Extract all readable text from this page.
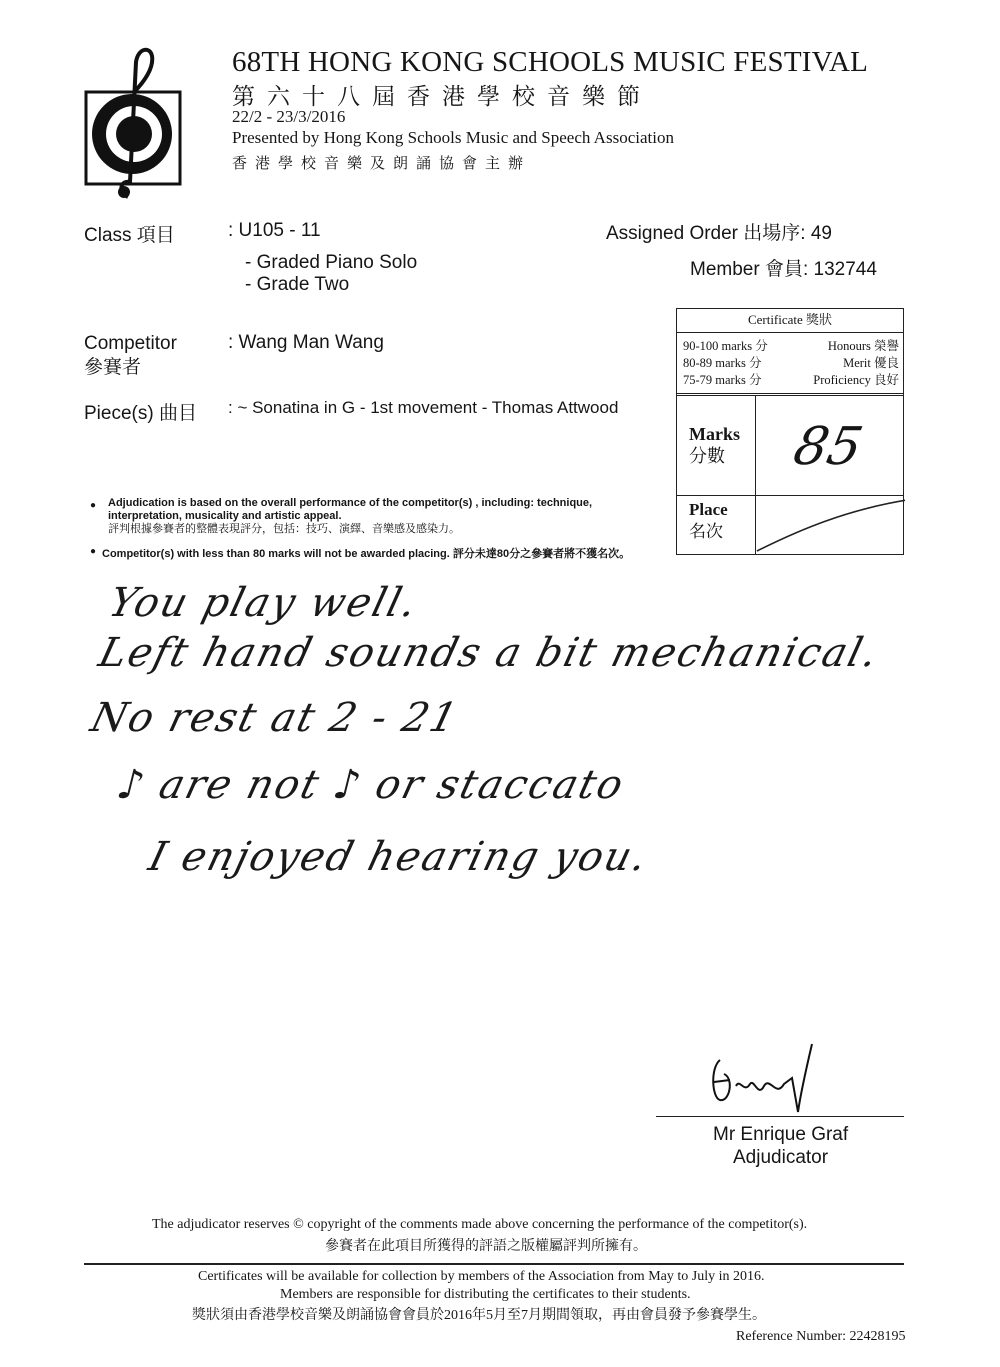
68TH HONG KONG SCHOOLS MUSIC FESTIVAL
第六十八屆香港學校音樂節
22/2 - 23/3/2016
Presented by Hong Kong Schools Music and Speech Association
香港學校音樂及朗誦協會主辦
Class 項目	: U105 - 11
- Graded Piano Solo
- Grade Two
Assigned Order 出場序: 49
Member 會員: 132744
Competitor
參賽者
: Wang Man Wang
Piece(s) 曲目 : ~ Sonatina in G - 1st movement - Thomas Attwood
Certificate 獎狀
90-100 marks 分	Honours 榮譽
80-89 marks 分	Merit 優良
75-79 marks 分	Proficiency 良好
Marks
分數 85
Place
名次
● Adjudication is based on the overall performance of the competitor(s) , including: technique, interpretation, musicality and artistic appeal.
評判根據參賽者的整體表現評分，包括：技巧、演繹、音樂感及感染力。
● Competitor(s) with less than 80 marks will not be awarded placing. 評分未達80分之參賽者將不獲名次。
You play well.
Left hand sounds a bit mechanical.
No rest at 2 - 21
♪ are not ♪ or staccato
I enjoyed hearing you.
Mr Enrique Graf
Adjudicator
The adjudicator reserves © copyright of the comments made above concerning the performance of the competitor(s).
參賽者在此項目所獲得的評語之版權屬評判所擁有。
Certificates will be available for collection by members of the Association from May to July in 2016.
Members are responsible for distributing the certificates to their students.
獎狀須由香港學校音樂及朗誦協會會員於2016年5月至7月期間領取，再由會員發予參賽學生。
Reference Number: 22428195
